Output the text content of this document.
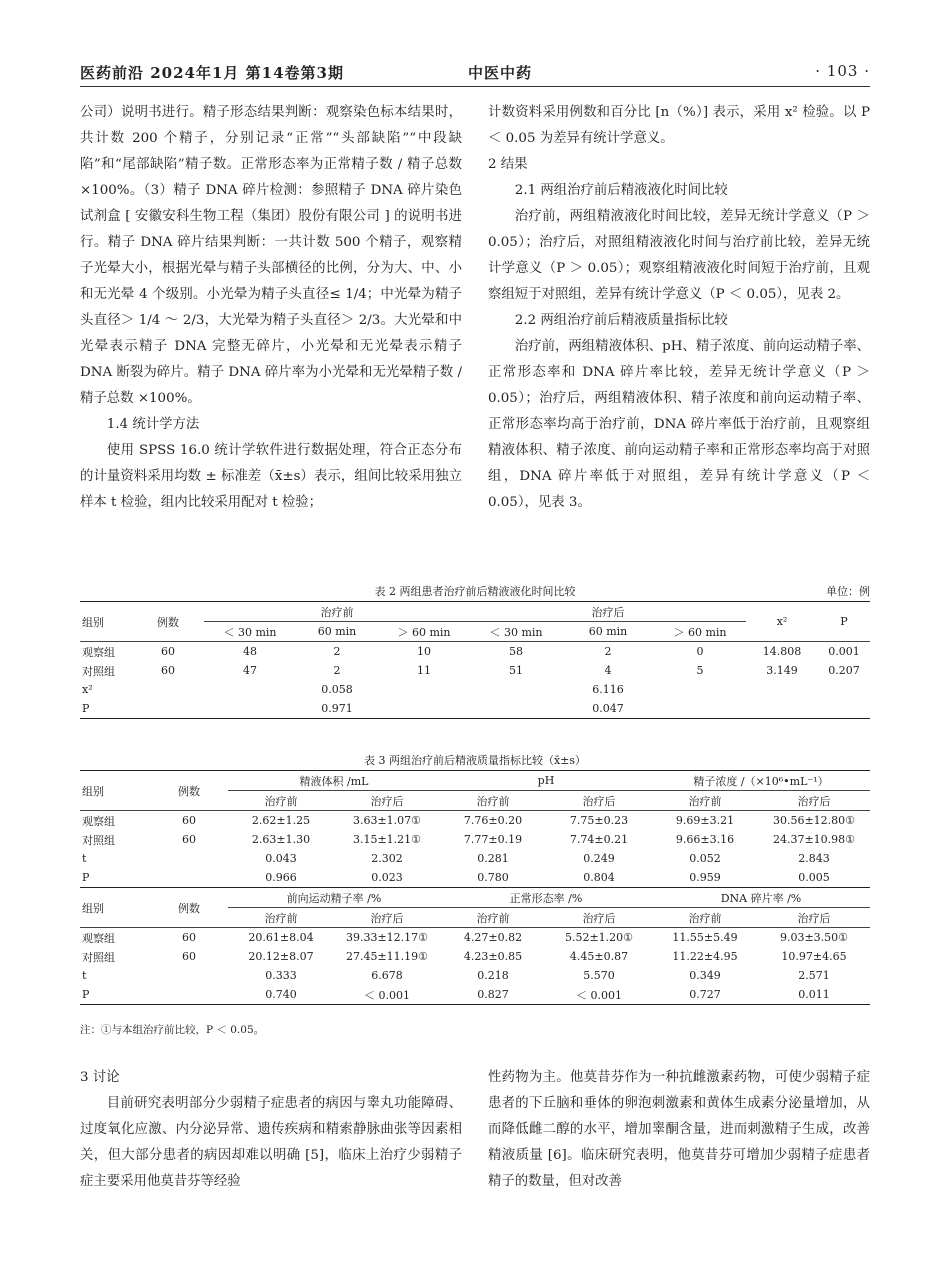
医药前沿 2024年1月 第14卷第3期	中医中药	· 103 ·

公司）说明书进行。精子形态结果判断：观察染色标本结果时，共计数 200 个精子，分别记录“正常”“头部缺陷”“中段缺陷”和“尾部缺陷”精子数。正常形态率为正常精子数 / 精子总数 ×100%。（3）精子 DNA 碎片检测：参照精子 DNA 碎片染色试剂盒 [ 安徽安科生物工程（集团）股份有限公司 ] 的说明书进行。精子 DNA 碎片结果判断：一共计数 500 个精子，观察精子光晕大小，根据光晕与精子头部横径的比例，分为大、中、小和无光晕 4 个级别。小光晕为精子头直径≤ 1/4；中光晕为精子头直径＞ 1/4 ～ 2/3，大光晕为精子头直径＞ 2/3。大光晕和中光晕表示精子 DNA 完整无碎片，小光晕和无光晕表示精子 DNA 断裂为碎片。精子 DNA 碎片率为小光晕和无光晕精子数 / 精子总数 ×100%。

1.4 统计学方法

使用 SPSS 16.0 统计学软件进行数据处理，符合正态分布的计量资料采用均数 ± 标准差（x̄±s）表示，组间比较采用独立样本 t 检验，组内比较采用配对 t 检验；

计数资料采用例数和百分比 [n（%）] 表示，采用 x² 检验。以 P ＜ 0.05 为差异有统计学意义。

2 结果

2.1 两组治疗前后精液液化时间比较

治疗前，两组精液液化时间比较，差异无统计学意义（P ＞ 0.05）；治疗后，对照组精液液化时间与治疗前比较，差异无统计学意义（P ＞ 0.05）；观察组精液液化时间短于治疗前，且观察组短于对照组，差异有统计学意义（P ＜ 0.05），见表 2。

2.2 两组治疗前后精液质量指标比较

治疗前，两组精液体积、pH、精子浓度、前向运动精子率、正常形态率和 DNA 碎片率比较，差异无统计学意义（P ＞ 0.05）；治疗后，两组精液体积、精子浓度和前向运动精子率、正常形态率均高于治疗前，DNA 碎片率低于治疗前，且观察组精液体积、精子浓度、前向运动精子率和正常形态率均高于对照组，DNA 碎片率低于对照组，差异有统计学意义（P ＜ 0.05），见表 3。

表 2 两组患者治疗前后精液液化时间比较	单位：例
组别	例数	治疗前			治疗后			x²	P
		＜ 30 min	60 min	＞ 60 min	＜ 30 min	60 min	＞ 60 min		
观察组	60	48	2	10	58	2	0	14.808	0.001
对照组	60	47	2	11	51	4	5	3.149	0.207
x²			0.058			6.116			
P			0.971			0.047			
表 3 两组治疗前后精液质量指标比较（x̄±s）
组别	例数	精液体积 /mL		pH		精子浓度 /（×10⁶•mL⁻¹）	
		治疗前	治疗后	治疗前	治疗后	治疗前	治疗后
观察组	60	2.62±1.25	3.63±1.07①	7.76±0.20	7.75±0.23	9.69±3.21	30.56±12.80①
对照组	60	2.63±1.30	3.15±1.21①	7.77±0.19	7.74±0.21	9.66±3.16	24.37±10.98①
t		0.043	2.302	0.281	0.249	0.052	2.843
P		0.966	0.023	0.780	0.804	0.959	0.005
组别	例数	前向运动精子率 /%		正常形态率 /%		DNA 碎片率 /%	
		治疗前	治疗后	治疗前	治疗后	治疗前	治疗后
观察组	60	20.61±8.04	39.33±12.17①	4.27±0.82	5.52±1.20①	11.55±5.49	9.03±3.50①
对照组	60	20.12±8.07	27.45±11.19①	4.23±0.85	4.45±0.87	11.22±4.95	10.97±4.65
t		0.333	6.678	0.218	5.570	0.349	2.571
P		0.740	＜ 0.001	0.827	＜ 0.001	0.727	0.011
注：①与本组治疗前比较，P ＜ 0.05。

3 讨论

目前研究表明部分少弱精子症患者的病因与睾丸功能障碍、过度氧化应激、内分泌异常、遗传疾病和精索静脉曲张等因素相关，但大部分患者的病因却难以明确 [5]，临床上治疗少弱精子症主要采用他莫昔芬等经验

性药物为主。他莫昔芬作为一种抗雌激素药物，可使少弱精子症患者的下丘脑和垂体的卵泡刺激素和黄体生成素分泌量增加，从而降低雌二醇的水平，增加睾酮含量，进而刺激精子生成，改善精液质量 [6]。临床研究表明，他莫昔芬可增加少弱精子症患者精子的数量，但对改善
